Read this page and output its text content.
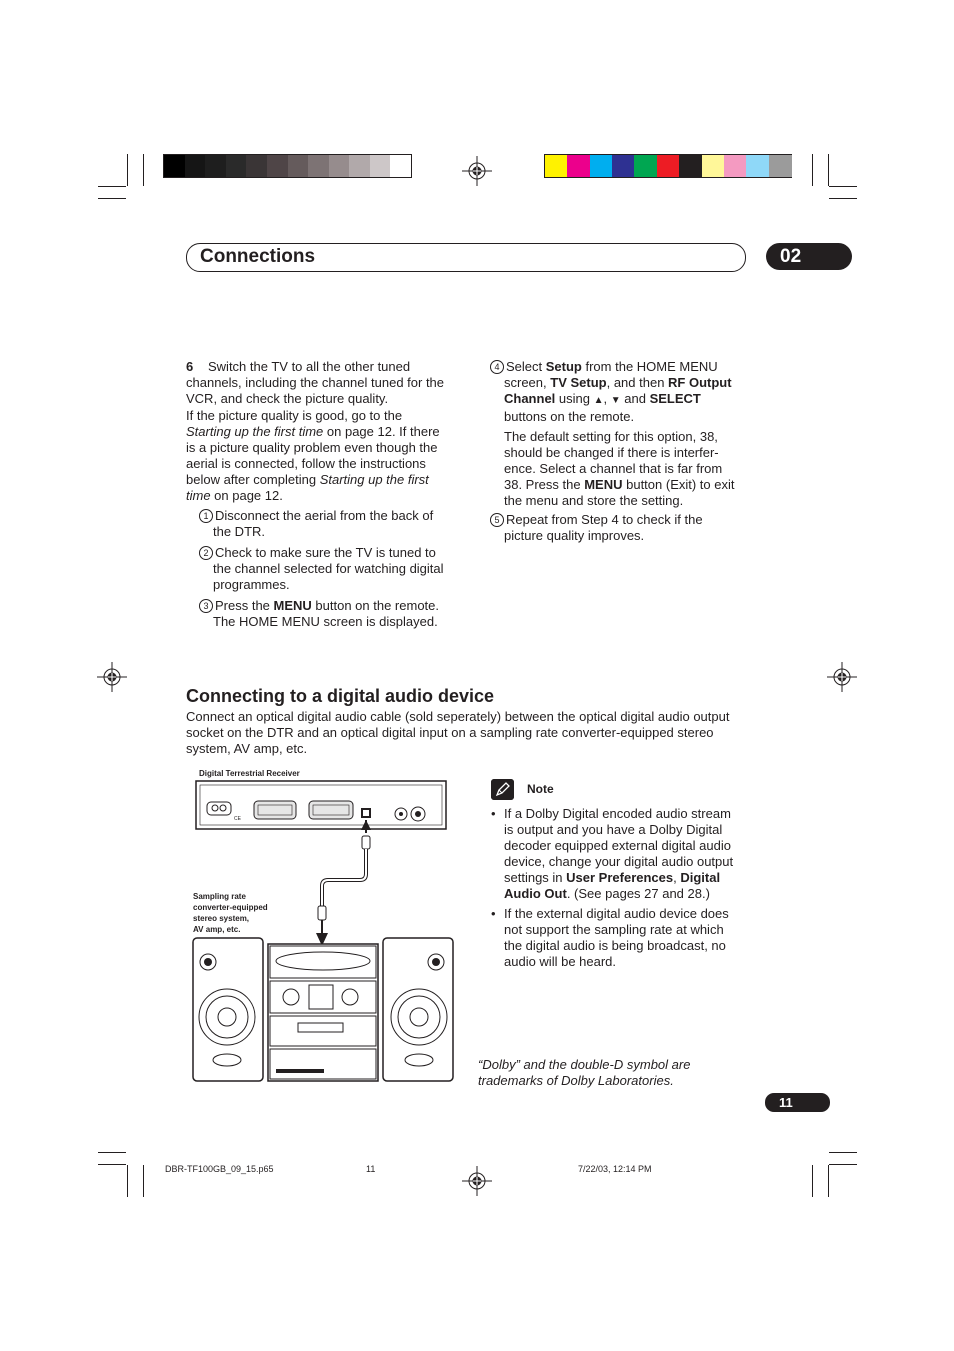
Connections	02
6 Switch the TV to all the other tuned
channels, including the channel tuned for the
VCR, and check the picture quality.
If the picture quality is good, go to the
Starting up the first time on page 12. If there
is a picture quality problem even though the
aerial is connected, follow the instructions
below after completing Starting up the first
time on page 12.
1 Disconnect the aerial from the back of
the DTR.
2 Check to make sure the TV is tuned to
the channel selected for watching digital
programmes.
3 Press the MENU button on the remote.
The HOME MENU screen is displayed.
4 Select Setup from the HOME MENU
screen, TV Setup, and then RF Output
Channel using ▲, ▼ and SELECT
buttons on the remote.
The default setting for this option, 38,
should be changed if there is interfer-
ence. Select a channel that is far from
38. Press the MENU button (Exit) to exit
the menu and store the setting.
5 Repeat from Step 4 to check if the
picture quality improves.
Connecting to a digital audio device
Connect an optical digital audio cable (sold seperately) between the optical digital audio output
socket on the DTR and an optical digital input on a sampling rate converter-equipped stereo
system, AV amp, etc.
Digital Terrestrial Receiver
Sampling rate
converter-equipped
stereo system,
AV amp, etc.
CE
Note
• If a Dolby Digital encoded audio stream
is output and you have a Dolby Digital
decoder equipped external digital audio
device, change your digital audio output
settings in User Preferences, Digital
Audio Out. (See pages 27 and 28.)
• If the external digital audio device does
not support the sampling rate at which
the digital audio is being broadcast, no
audio will be heard.
“Dolby” and the double-D symbol are
trademarks of Dolby Laboratories.
11
DBR-TF100GB_09_15.p65	11	7/22/03, 12:14 PM
